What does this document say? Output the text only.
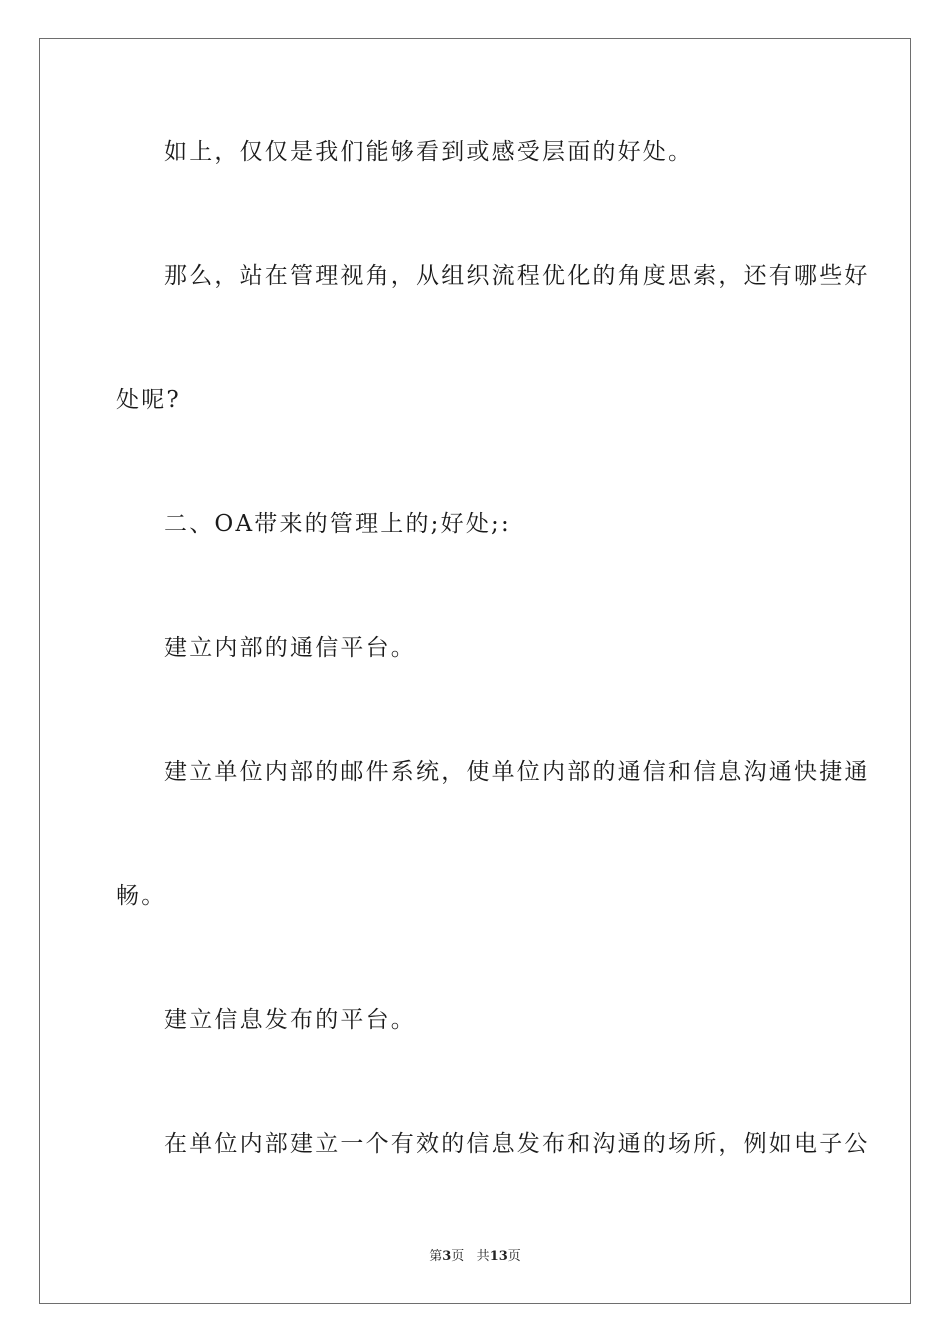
如上，仅仅是我们能够看到或感受层面的好处。
那么，站在管理视角，从组织流程优化的角度思索，还有哪些好
处呢?
二、OA带来的管理上的;好处;:
建立内部的通信平台。
建立单位内部的邮件系统，使单位内部的通信和信息沟通快捷通
畅。
建立信息发布的平台。
在单位内部建立一个有效的信息发布和沟通的场所，例如电子公
第3页 共13页
